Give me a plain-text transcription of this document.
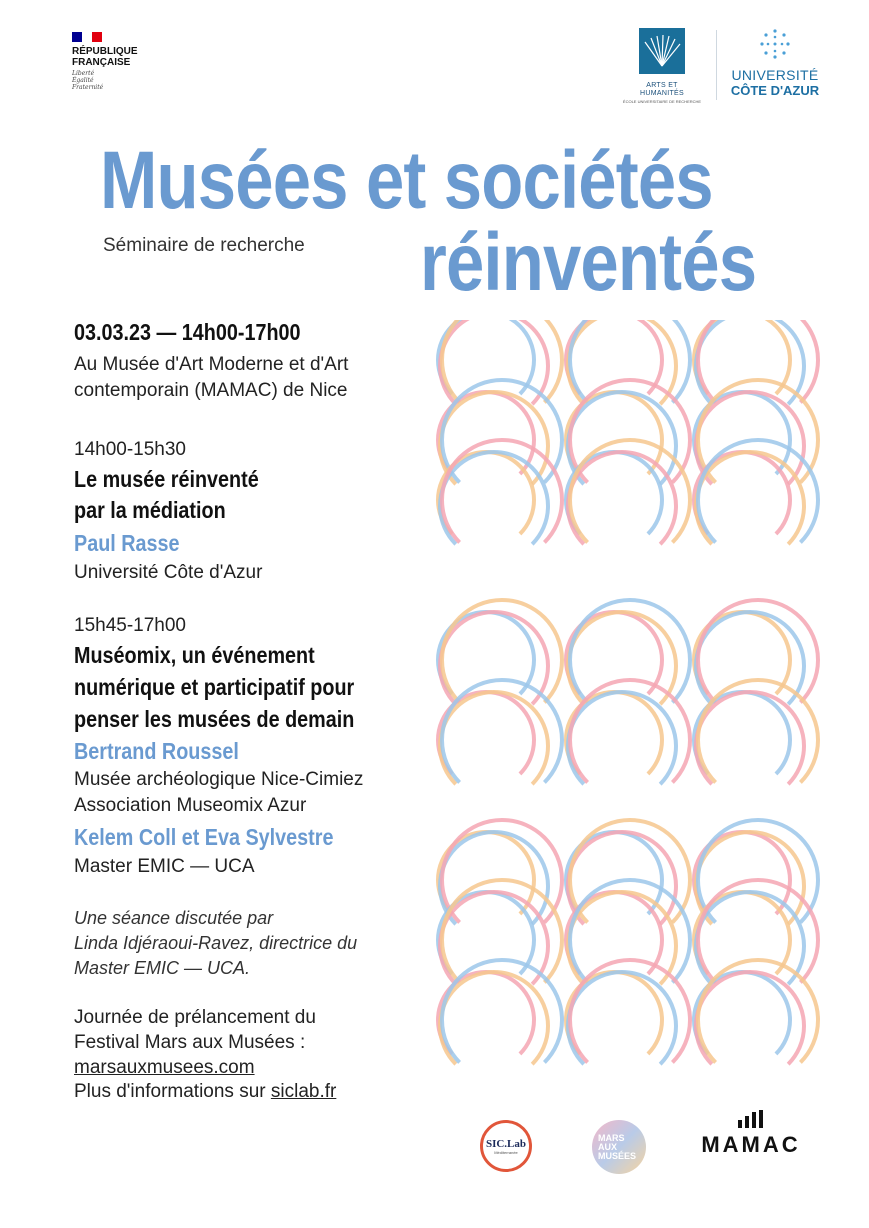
RÉPUBLIQUE
FRANÇAISE
Liberté
Égalité
Fraternité	ARTS ET
HUMANITÉS
ÉCOLE UNIVERSITAIRE DE RECHERCHE
UNIVERSITÉ
CÔTE D'AZUR
Musées et sociétés
réinventés
Séminaire de recherche
03.03.23 — 14h00-17h00
Au Musée d'Art Moderne et d'Art
contemporain (MAMAC) de Nice
14h00-15h30
Le musée réinventé
par la médiation
Paul Rasse
Université Côte d'Azur
15h45-17h00
Muséomix, un événement
numérique et participatif pour
penser les musées de demain
Bertrand Roussel
Musée archéologique Nice-Cimiez
Association Museomix Azur
Kelem Coll et Eva Sylvestre
Master EMIC — UCA
Une séance discutée par
Linda Idjéraoui-Ravez, directrice du
Master EMIC — UCA.
Journée de prélancement du
Festival Mars aux Musées :
marsauxmusees.com
Plus d'informations sur siclab.fr
SIC.Lab
Méditerranée
MARS
AUX
MUSÉES	MAMAC
